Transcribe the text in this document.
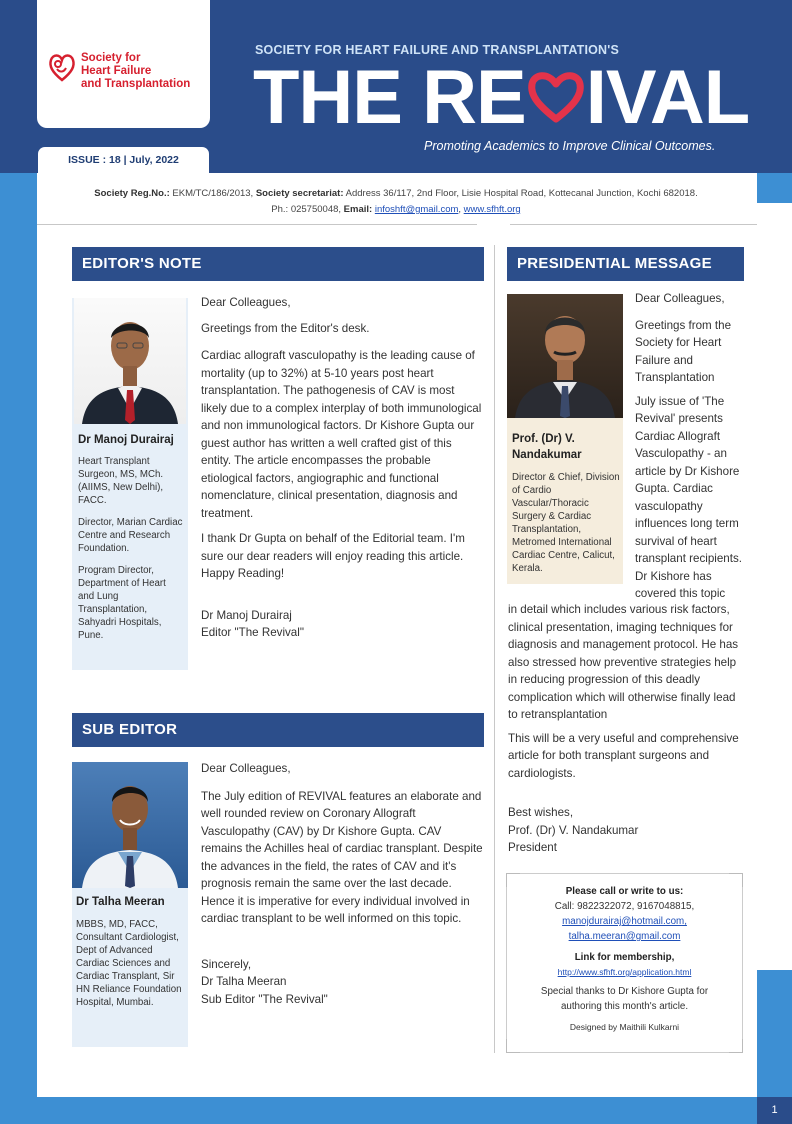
Society for
Heart Failure
and Transplantation
ISSUE : 18 | July, 2022
SOCIETY FOR HEART FAILURE AND TRANSPLANTATION'S
THE RE IVAL
Promoting Academics to Improve Clinical Outcomes.
Society Reg.No.: EKM/TC/186/2013, Society secretariat: Address 36/117, 2nd Floor, Lisie Hospital Road, Kottecanal Junction, Kochi 682018.
Ph.: 025750048, Email: infoshft@gmail.com, www.sfhft.org
EDITOR'S NOTE
Dr Manoj Durairaj
Heart Transplant Surgeon, MS, MCh. (AIIMS, New Delhi), FACC.
Director, Marian Cardiac Centre and Research Foundation.
Program Director, Department of Heart and Lung Transplantation, Sahyadri Hospitals, Pune.

Dear Colleagues,

Greetings from the Editor's desk.

Cardiac allograft vasculopathy is the leading cause of mortality (up to 32%) at 5-10 years post heart transplantation. The pathogenesis of CAV is most likely due to a complex interplay of both immunological and non immunological factors. Dr Kishore Gupta our guest author has written a well crafted gist of this entity. The article encompasses the probable etiological factors, angiographic and functional nomenclature, clinical presentation, diagnosis and treatment.

I thank Dr Gupta on behalf of the Editorial team. I'm sure our dear readers will enjoy reading this article. Happy Reading!

Dr Manoj Durairaj
Editor "The Revival"
SUB EDITOR
Dr Talha Meeran
MBBS, MD, FACC, Consultant Cardiologist, Dept of Advanced Cardiac Sciences and Cardiac Transplant, Sir HN Reliance Foundation Hospital, Mumbai.

Dear Colleagues,

The July edition of REVIVAL features an elaborate and well rounded review on Coronary Allograft Vasculopathy (CAV) by Dr Kishore Gupta. CAV remains the Achilles heal of cardiac transplant. Despite the advances in the field, the rates of CAV and it's prognosis remain the same over the last decade. Hence it is imperative for every individual involved in cardiac transplant to be well informed on this topic.

Sincerely,
Dr Talha Meeran
Sub Editor "The Revival"
PRESIDENTIAL MESSAGE
Prof. (Dr) V. Nandakumar
Director & Chief, Division of Cardio Vascular/Thoracic Surgery & Cardiac Transplantation, Metromed International Cardiac Centre, Calicut, Kerala.

Dear Colleagues,

Greetings from the Society for Heart Failure and Transplantation

July issue of 'The Revival' presents Cardiac Allograft Vasculopathy - an article by Dr Kishore Gupta. Cardiac vasculopathy influences long term survival of heart transplant recipients. Dr Kishore has covered this topic

in detail which includes various risk factors, clinical presentation, imaging techniques for diagnosis and management protocol. He has also stressed how preventive strategies help in reducing progression of this deadly complication which will otherwise finally lead to retransplantation

This will be a very useful and comprehensive article for both transplant surgeons and cardiologists.

Best wishes,
Prof. (Dr) V. Nandakumar
President
Please call or write to us:
Call: 9822322072, 9167048815,
manojdurairaj@hotmail.com,
talha.meeran@gmail.com
Link for membership,
http://www.sfhft.org/application.html
Special thanks to Dr Kishore Gupta for authoring this month's article.
Designed by Maithili Kulkarni
1
